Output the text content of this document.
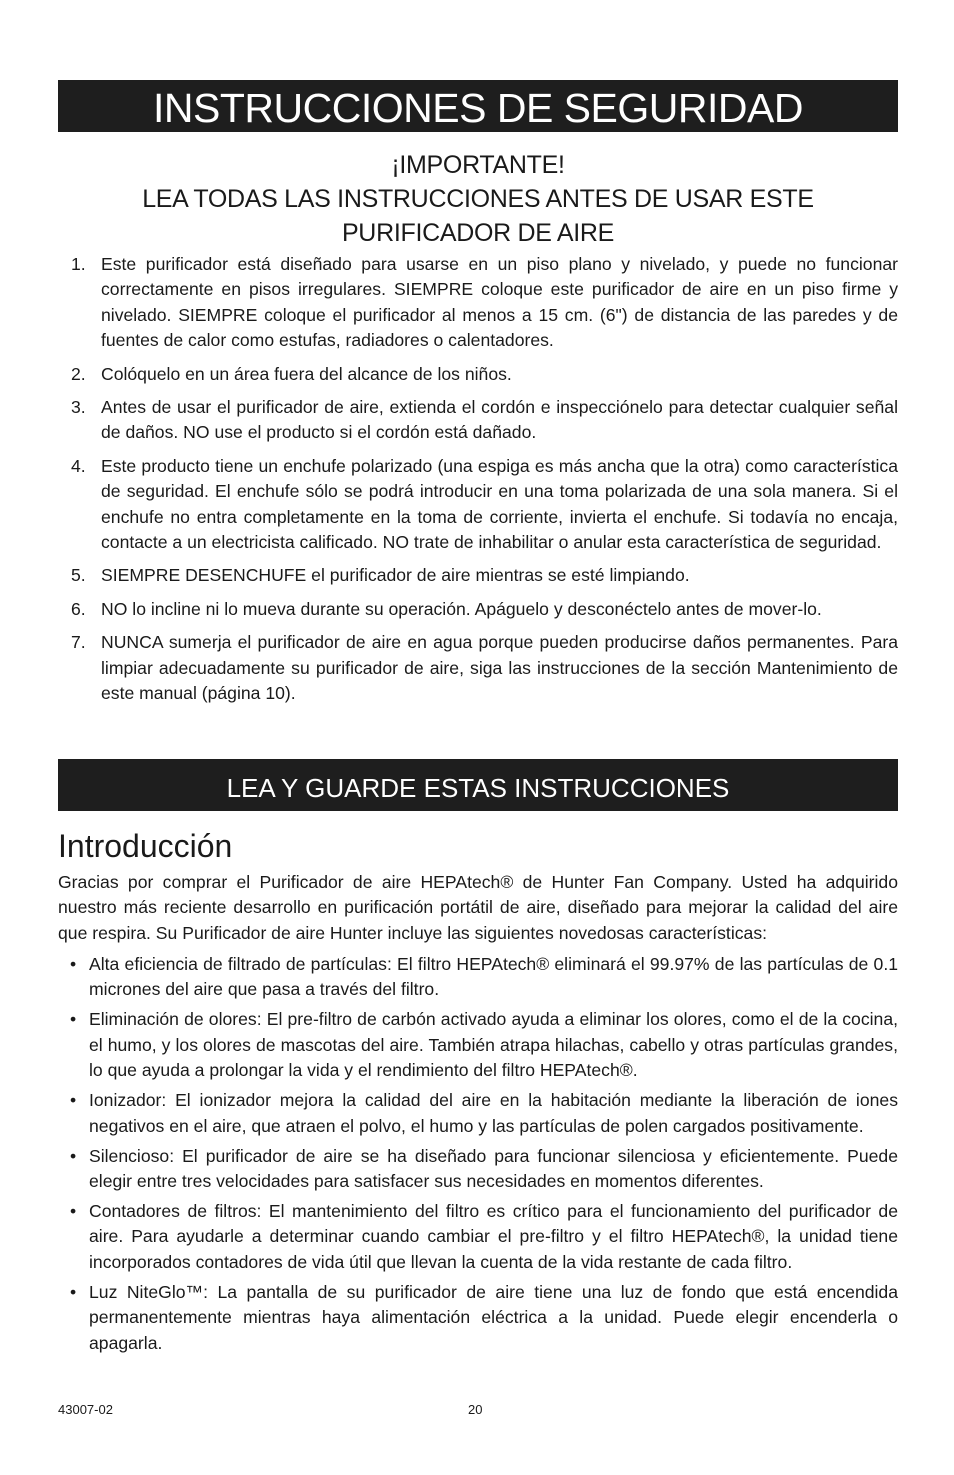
INSTRUCCIONES DE SEGURIDAD
¡IMPORTANTE!
LEA TODAS LAS INSTRUCCIONES ANTES DE USAR ESTE
PURIFICADOR DE AIRE
1. Este purificador está diseñado para usarse en un piso plano y nivelado, y puede no funcionar correctamente en pisos irregulares. SIEMPRE coloque este purificador de aire en un piso firme y nivelado. SIEMPRE coloque el purificador al menos a 15 cm. (6") de distancia de las paredes y de fuentes de calor como estufas, radiadores o calentadores.
2. Colóquelo en un área fuera del alcance de los niños.
3. Antes de usar el purificador de aire, extienda el cordón e inspecciónelo para detectar cualquier señal de daños. NO use el producto si el cordón está dañado.
4. Este producto tiene un enchufe polarizado (una espiga es más ancha que la otra) como característica de seguridad. El enchufe sólo se podrá introducir en una toma polarizada de una sola manera. Si el enchufe no entra completamente en la toma de corriente, invierta el enchufe. Si todavía no encaja, contacte a un electricista calificado. NO trate de inhabilitar o anular esta característica de seguridad.
5. SIEMPRE DESENCHUFE el purificador de aire mientras se esté limpiando.
6. NO lo incline ni lo mueva durante su operación. Apáguelo y desconéctelo antes de mover-lo.
7. NUNCA sumerja el purificador de aire en agua porque pueden producirse daños permanentes. Para limpiar adecuadamente su purificador de aire, siga las instrucciones de la sección Mantenimiento de este manual (página 10).
LEA Y GUARDE ESTAS INSTRUCCIONES
Introducción

Gracias por comprar el Purificador de aire HEPAtech® de Hunter Fan Company. Usted ha adquirido nuestro más reciente desarrollo en purificación portátil de aire, diseñado para mejorar la calidad del aire que respira. Su Purificador de aire Hunter incluye las siguientes novedosas características:

• Alta eficiencia de filtrado de partículas: El filtro HEPAtech® eliminará el 99.97% de las partículas de 0.1 micrones del aire que pasa a través del filtro.
• Eliminación de olores: El pre-filtro de carbón activado ayuda a eliminar los olores, como el de la cocina, el humo, y los olores de mascotas del aire. También atrapa hilachas, cabello y otras partículas grandes, lo que ayuda a prolongar la vida y el rendimiento del filtro HEPAtech®.
• Ionizador: El ionizador mejora la calidad del aire en la habitación mediante la liberación de iones negativos en el aire, que atraen el polvo, el humo y las partículas de polen cargados positivamente.
• Silencioso: El purificador de aire se ha diseñado para funcionar silenciosa y eficientemente. Puede elegir entre tres velocidades para satisfacer sus necesidades en momentos diferentes.
• Contadores de filtros: El mantenimiento del filtro es crítico para el funcionamiento del purificador de aire. Para ayudarle a determinar cuando cambiar el pre-filtro y el filtro HEPAtech®, la unidad tiene incorporados contadores de vida útil que llevan la cuenta de la vida restante de cada filtro.
• Luz NiteGlo™: La pantalla de su purificador de aire tiene una luz de fondo que está encendida permanentemente mientras haya alimentación eléctrica a la unidad. Puede elegir encenderla o apagarla.
43007-02	20
